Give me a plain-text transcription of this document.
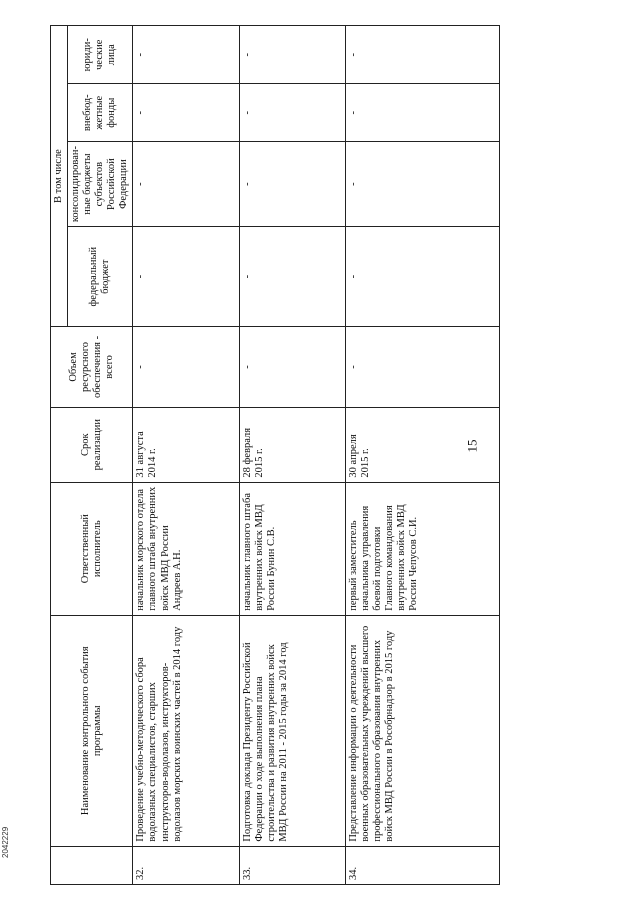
15
	Наименование контрольного события программы	Ответственный исполнитель	Срок реализации	Объем ресурсного обеспечения - всего	В том числе			
					федеральный бюджет	консолидирован-ные бюджеты субъектов Российской Федерации	внебюд-жетные фонды	юриди-ческие лица
32.	Проведение учебно-методического сбора водолазных специалистов, старших инструкторов-водолазов, инструкторов-водолазов морских воинских частей в 2014 году	начальник морского отдела главного штаба внутренних войск МВД России Андреев А.Н.	31 августа 2014 г.	-	-	-	-	-
33.	Подготовка доклада Президенту Российской Федерации о ходе выполнения плана строительства и развития внутренних войск МВД России на 2011 - 2015 годы за 2014 год	начальник главного штаба внутренних войск МВД России Бунин С.В.	28 февраля 2015 г.	-	-	-	-	-
34.	Представление информации о деятельности военных образовательных учреждений высшего профессионального образования внутренних войск МВД России в Рособрнадзор в 2015 году	первый заместитель начальника управления боевой подготовки Главного командования внутренних войск МВД России Чепусов С.И.	30 апреля 2015 г.	-	-	-	-	-
2042229
